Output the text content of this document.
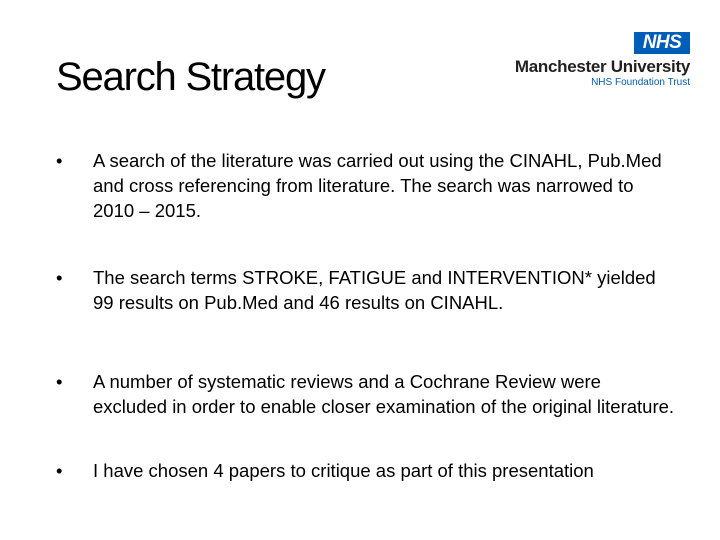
Search Strategy
NHS
Manchester University
NHS Foundation Trust
•	A search of the literature was carried out using the CINAHL, Pub.Med and cross referencing from literature. The search was narrowed to 2010 – 2015.
•	The search terms STROKE, FATIGUE and INTERVENTION* yielded 99 results on Pub.Med and 46 results on CINAHL.
•	A number of systematic reviews and a Cochrane Review were excluded in order to enable closer examination of the original literature.
•	I have chosen 4 papers to critique as part of this presentation
